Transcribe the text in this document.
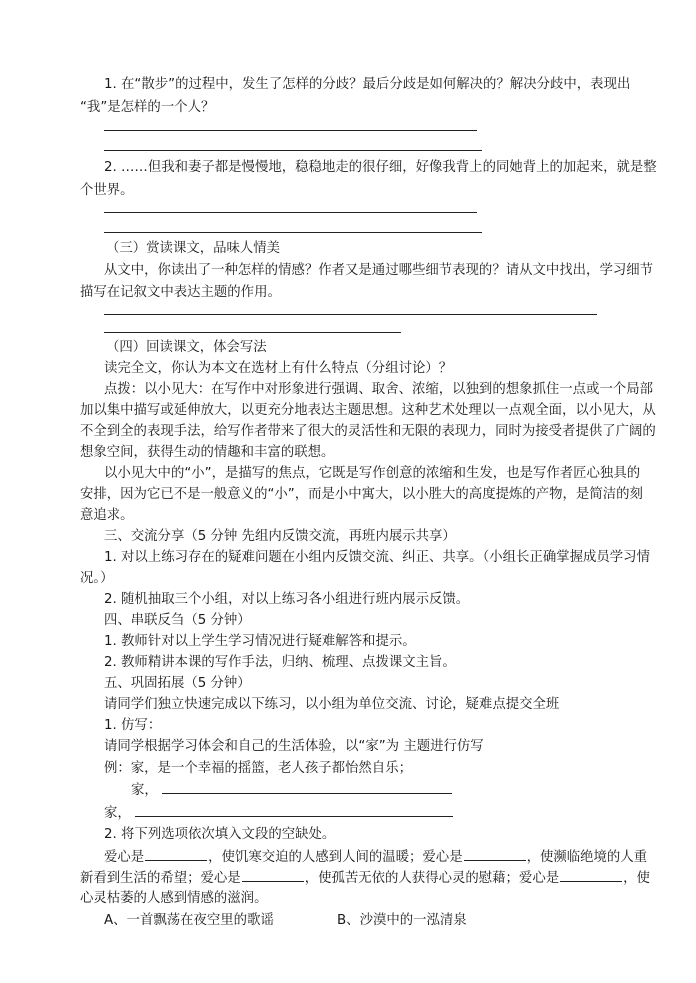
1. 在“散步”的过程中，发生了怎样的分歧？最后分歧是如何解决的？解决分歧中，表现出
“我”是怎样的一个人？
2. ……但我和妻子都是慢慢地，稳稳地走的很仔细，好像我背上的同她背上的加起来，就是整
个世界。
（三）赏读课文，品味人情美
从文中，你读出了一种怎样的情感？作者又是通过哪些细节表现的？请从文中找出，学习细节
描写在记叙文中表达主题的作用。
（四）回读课文，体会写法
读完全文，你认为本文在选材上有什么特点（分组讨论）？
点拨：以小见大：在写作中对形象进行强调、取舍、浓缩，以独到的想象抓住一点或一个局部
加以集中描写或延伸放大，以更充分地表达主题思想。这种艺术处理以一点观全面，以小见大，从
不全到全的表现手法，给写作者带来了很大的灵活性和无限的表现力，同时为接受者提供了广阔的
想象空间，获得生动的情趣和丰富的联想。
以小见大中的“小”，是描写的焦点，它既是写作创意的浓缩和生发，也是写作者匠心独具的
安排，因为它已不是一般意义的“小”，而是小中寓大，以小胜大的高度提炼的产物，是简洁的刻
意追求。
三、交流分享（5 分钟 先组内反馈交流，再班内展示共享）
1. 对以上练习存在的疑难问题在小组内反馈交流、纠正、共享。（小组长正确掌握成员学习情
况。）
2. 随机抽取三个小组，对以上练习各小组进行班内展示反馈。
四、串联反刍（5 分钟）
1. 教师针对以上学生学习情况进行疑难解答和提示。
2. 教师精讲本课的写作手法，归纳、梳理、点拨课文主旨。
五、巩固拓展（5 分钟）
请同学们独立快速完成以下练习，以小组为单位交流、讨论，疑难点提交全班
1. 仿写：
请同学根据学习体会和自己的生活体验，以“家”为 主题进行仿写
例：家，是一个幸福的摇篮，老人孩子都怡然自乐；
家，
家，
2. 将下列选项依次填入文段的空缺处。
爱心是	，使饥寒交迫的人感到人间的温暖；爱心是	，使濒临绝境的人重
新看到生活的希望；爱心是	，使孤苦无依的人获得心灵的慰藉；爱心是	，使
心灵枯萎的人感到情感的滋润。
A、一首飘荡在夜空里的歌谣	B、沙漠中的一泓清泉
